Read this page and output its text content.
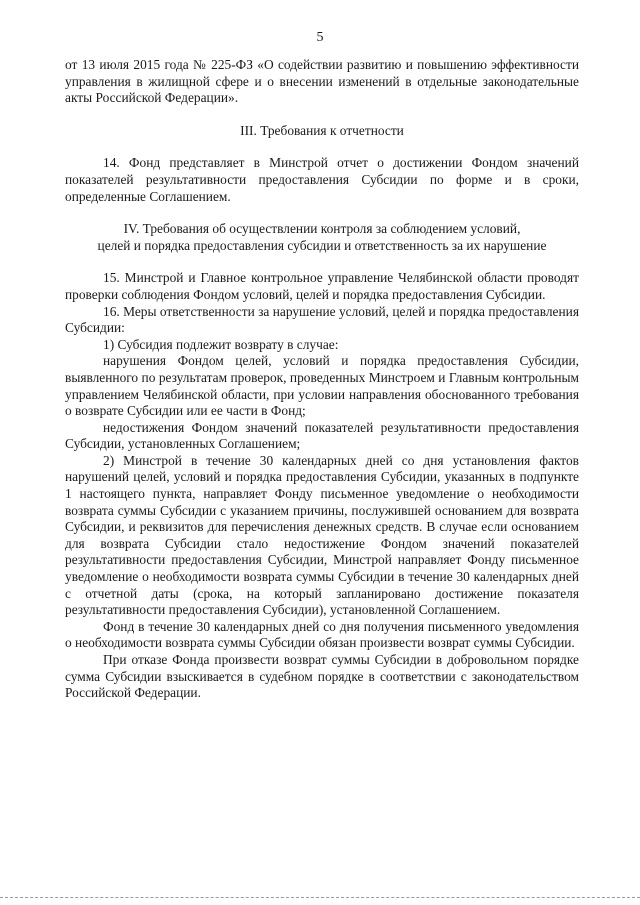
5

от 13 июля 2015 года № 225-ФЗ «О содействии развитию и повышению эффективности управления в жилищной сфере и о внесении изменений в отдельные законодательные акты Российской Федерации».

III. Требования к отчетности

14. Фонд представляет в Минстрой отчет о достижении Фондом значений показателей результативности предоставления Субсидии по форме и в сроки, определенные Соглашением.

IV. Требования об осуществлении контроля за соблюдением условий,

целей и порядка предоставления субсидии и ответственность за их нарушение

15. Минстрой и Главное контрольное управление Челябинской области проводят проверки соблюдения Фондом условий, целей и порядка предоставления Субсидии.

16. Меры ответственности за нарушение условий, целей и порядка предоставления Субсидии:

1) Субсидия подлежит возврату в случае:

нарушения Фондом целей, условий и порядка предоставления Субсидии, выявленного по результатам проверок, проведенных Минстроем и Главным контрольным управлением Челябинской области, при условии направления обоснованного требования о возврате Субсидии или ее части в Фонд;

недостижения Фондом значений показателей результативности предоставления Субсидии, установленных Соглашением;

2) Минстрой в течение 30 календарных дней со дня установления фактов нарушений целей, условий и порядка предоставления Субсидии, указанных в подпункте 1 настоящего пункта, направляет Фонду письменное уведомление о необходимости возврата суммы Субсидии с указанием причины, послужившей основанием для возврата Субсидии, и реквизитов для перечисления денежных средств. В случае если основанием для возврата Субсидии стало недостижение Фондом значений показателей результативности предоставления Субсидии, Минстрой направляет Фонду письменное уведомление о необходимости возврата суммы Субсидии в течение 30 календарных дней с отчетной даты (срока, на который запланировано достижение показателя результативности предоставления Субсидии), установленной Соглашением.

Фонд в течение 30 календарных дней со дня получения письменного уведомления о необходимости возврата суммы Субсидии обязан произвести возврат суммы Субсидии.

При отказе Фонда произвести возврат суммы Субсидии в добровольном порядке сумма Субсидии взыскивается в судебном порядке в соответствии с законодательством Российской Федерации.
